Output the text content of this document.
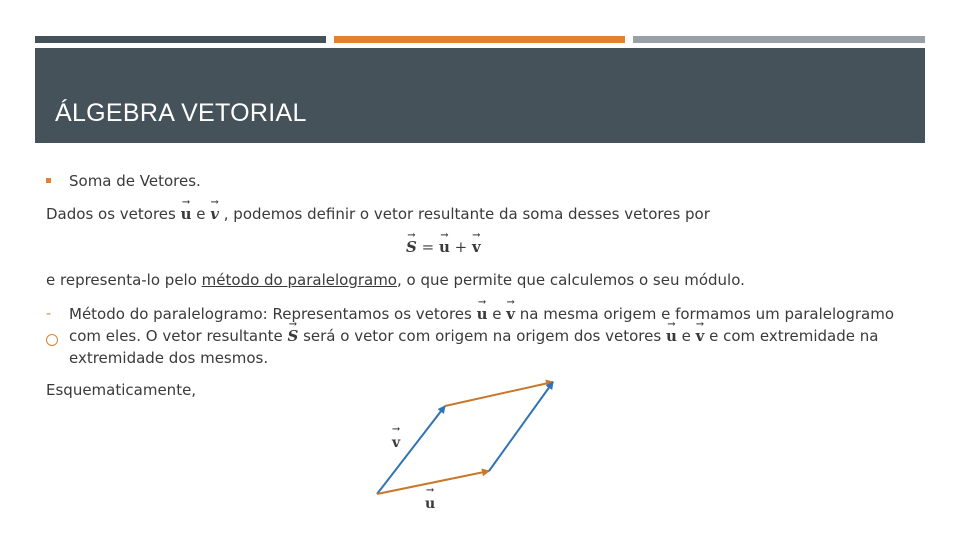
ÁLGEBRA VETORIAL
Soma de Vetores.
Dados os vetores → u e → v , podemos definir o vetor resultante da soma desses vetores por
→ S = → u + → v
e representa-lo pelo método do paralelogramo, o que permite que calculemos o seu módulo.
- Método do paralelogramo: Representamos os vetores → u e → v na mesma origem e formamos um paralelogramo
com eles. O vetor resultante → S será o vetor com origem na origem dos vetores → u e → v e com extremidade na
extremidade dos mesmos.
Esquematicamente,
→ v
→ u
